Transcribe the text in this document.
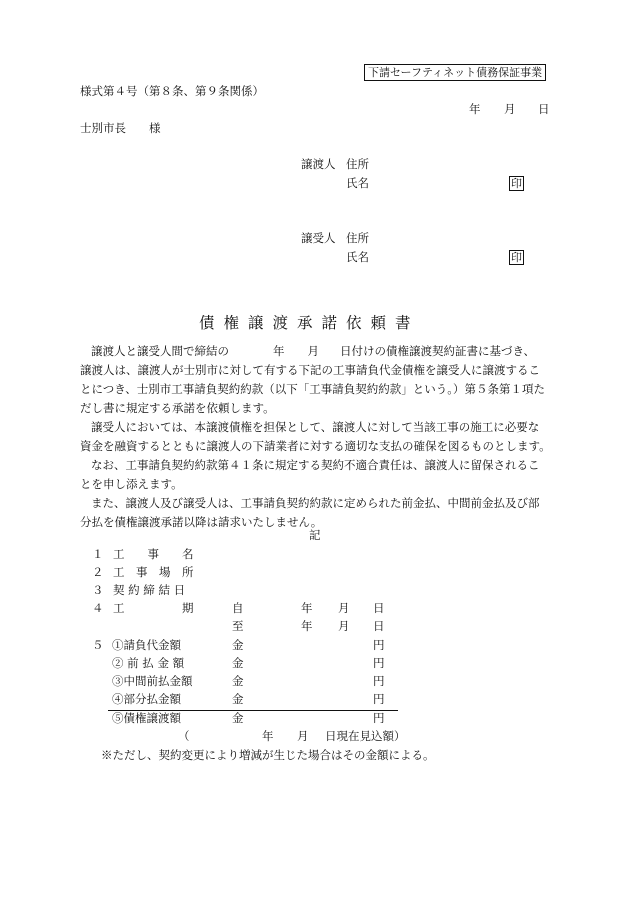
下請セーフティネット債務保証事業
様式第４号（第８条、第９条関係）
年 月 日
士別市長　　様
譲渡人 住所
氏名	印
譲受人 住所
氏名	印
債権譲渡承諾依頼書
譲渡人と譲受人間で締結の	年 月 日付けの債権譲渡契約証書に基づき、
譲渡人は、譲渡人が士別市に対して有する下記の工事請負代金債権を譲受人に譲渡するこ
とにつき、士別市工事請負契約約款（以下「工事請負契約約款」という。）第５条第１項た
だし書に規定する承諾を依頼します。
譲受人においては、本譲渡債権を担保として、譲渡人に対して当該工事の施工に必要な
資金を融資するとともに譲渡人の下請業者に対する適切な支払の確保を図るものとします。
なお、工事請負契約約款第４１条に規定する契約不適合責任は、譲渡人に留保されるこ
とを申し添えます。
また、譲渡人及び譲受人は、工事請負契約約款に定められた前金払、中間前金払及び部
分払を債権譲渡承諾以降は請求いたしません。
記
１ 工　　事　　名
２ 工　事　場　所
３ 契 約 締 結 日
４ 工　　　　　期	自	年 月 日
至	年 月 日
５ ①請負代金額	金	円
② 前 払 金 額	金	円
③中間前払金額	金	円
④部分払金額	金	円
⑤債権譲渡額	金	円
（	年 月 日現在見込額）
※ただし、契約変更により増減が生じた場合はその金額による。
